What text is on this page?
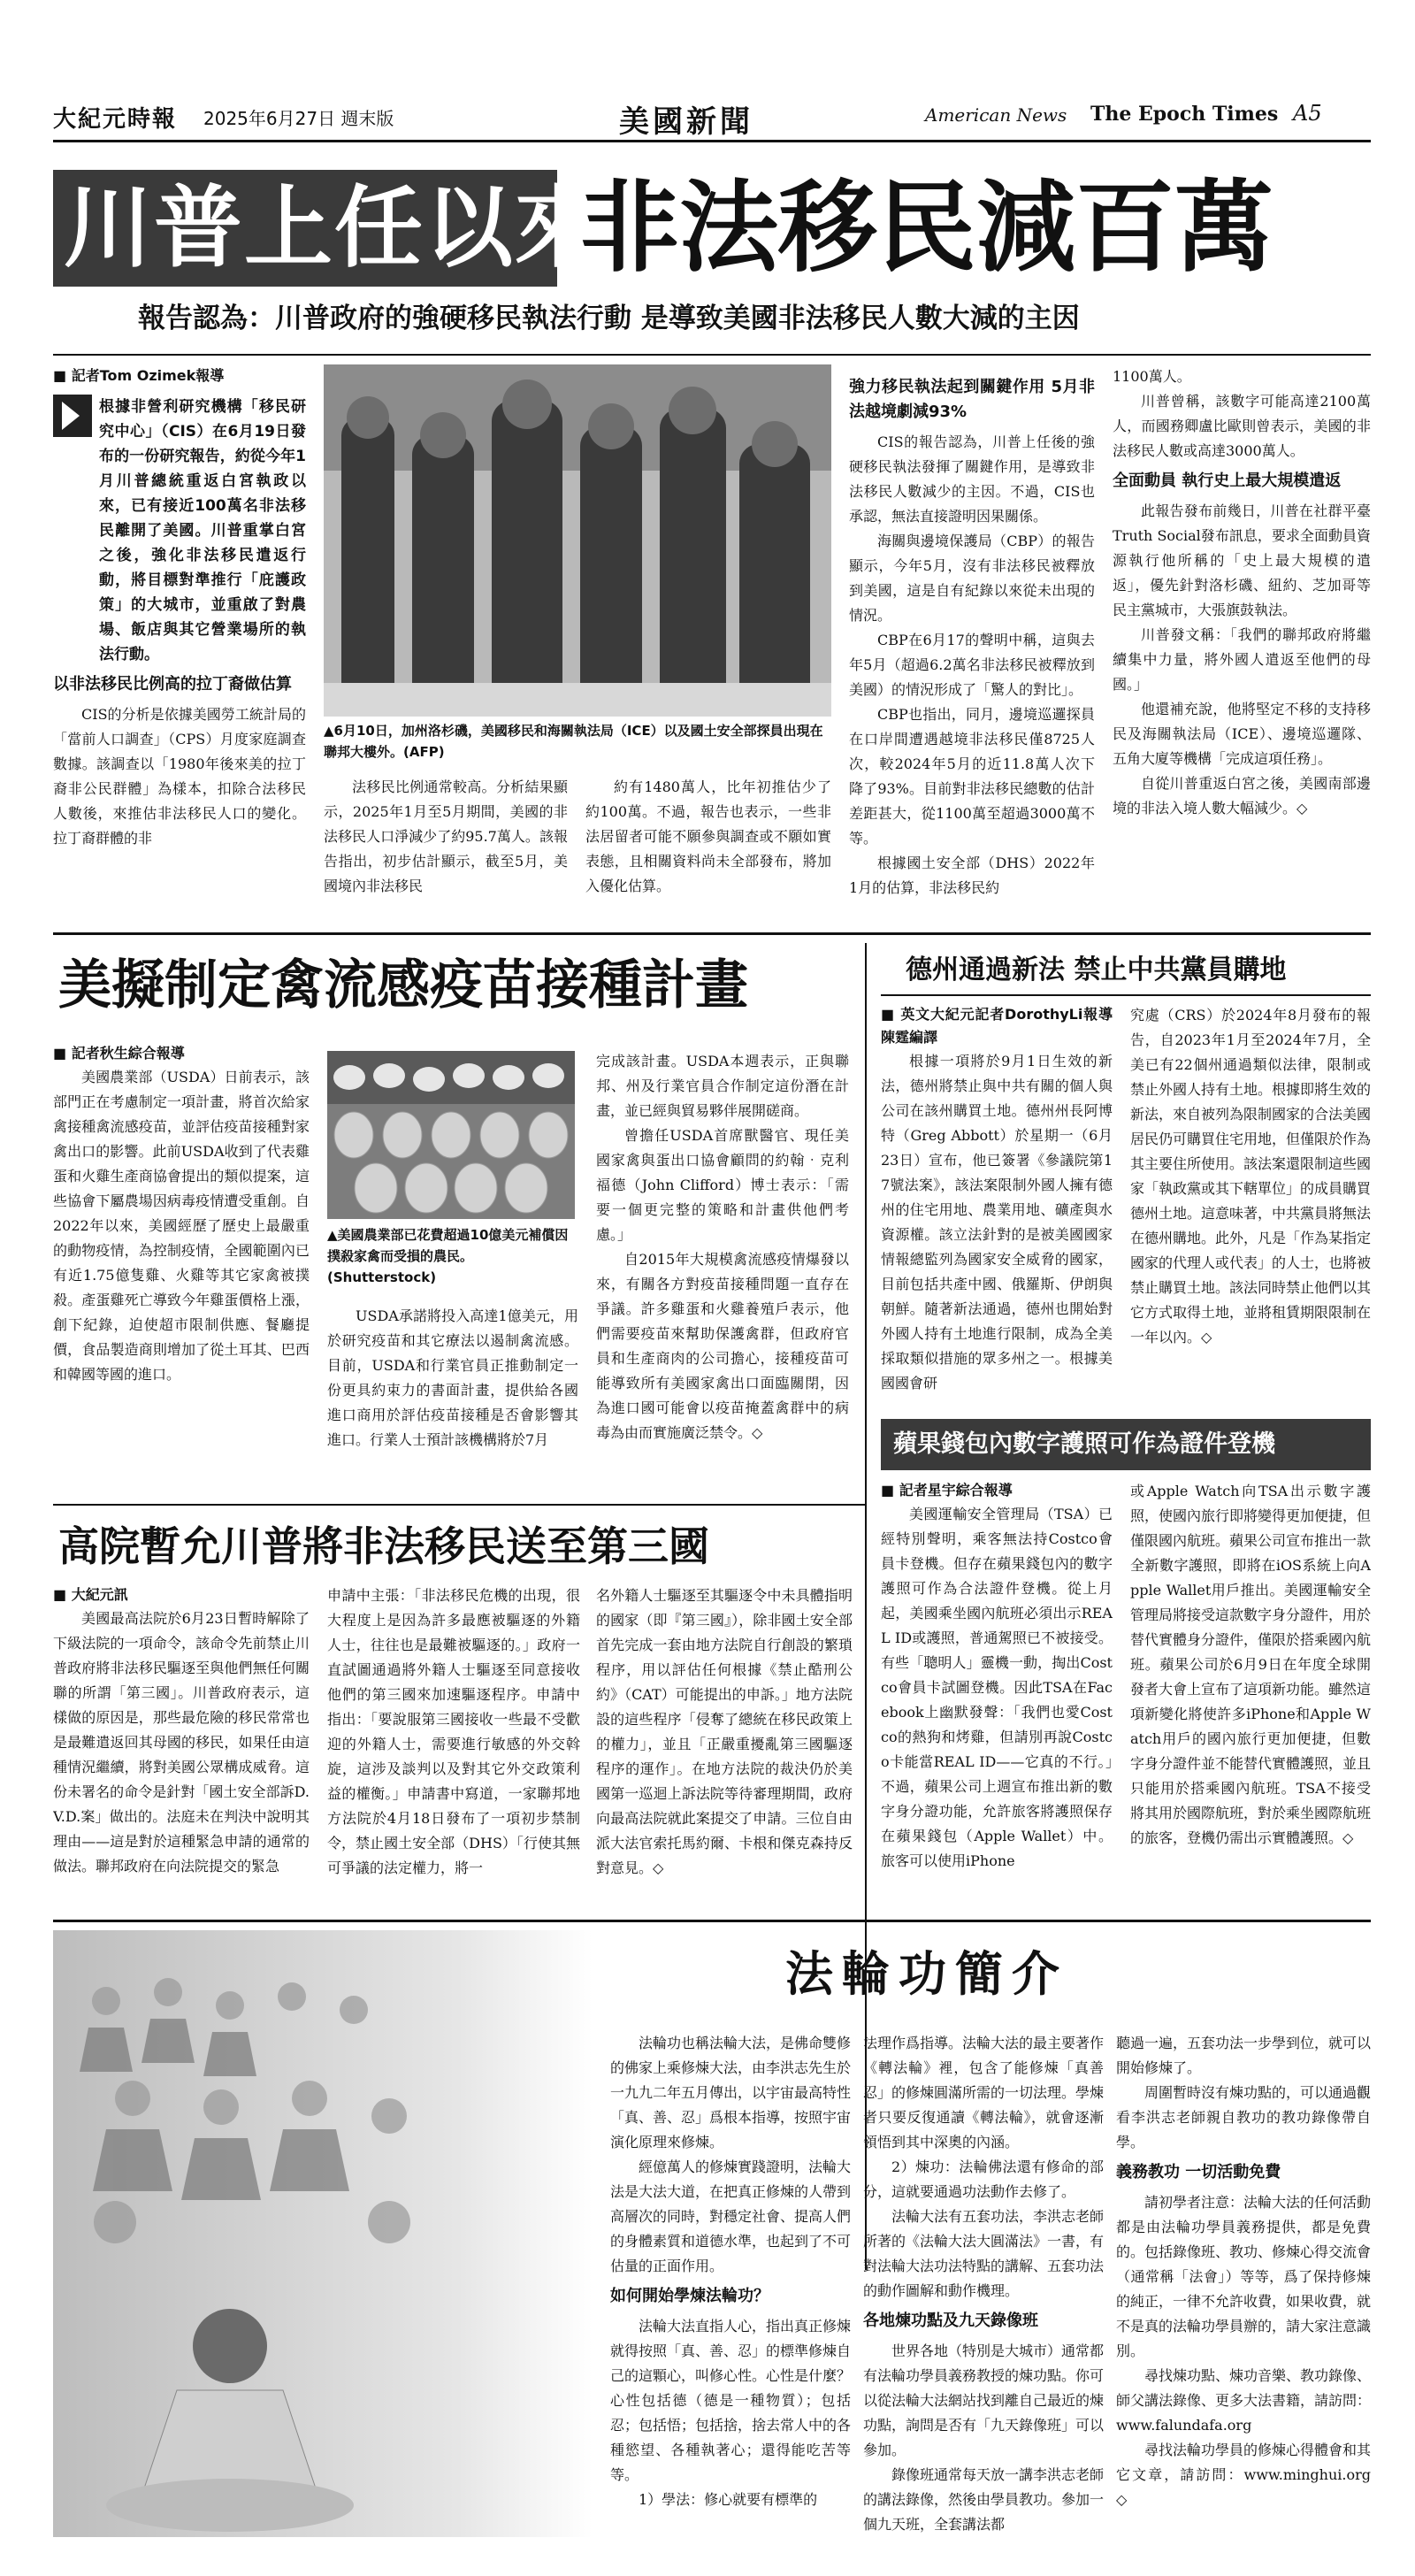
大紀元時報 2025年6月27日 週末版	美國新聞	American News The Epoch Times A5
川普上任以來
非法移民減百萬
報告認為：川普政府的強硬移民執法行動 是導致美國非法移民人數大減的主因
■ 記者Tom Ozimek報導
根據非營利研究機構「移民研究中心」（CIS）在6月19日發布的一份研究報告，約從今年1月川普總統重返白宮執政以來，已有接近100萬名非法移民離開了美國。川普重掌白宮之後，強化非法移民遣返行動，將目標對準推行「庇護政策」的大城市，並重啟了對農場、飯店與其它營業場所的執法行動。
以非法移民比例高的拉丁裔做估算

CIS的分析是依據美國勞工統計局的「當前人口調查」（CPS）月度家庭調查數據。該調查以「1980年後來美的拉丁裔非公民群體」為樣本，扣除合法移民人數後，來推估非法移民人口的變化。拉丁裔群體的非

▲6月10日，加州洛杉磯，美國移民和海關執法局（ICE）以及國土安全部探員出現在聯邦大樓外。(AFP)

法移民比例通常較高。分析結果顯示，2025年1月至5月期間，美國的非法移民人口淨減少了約95.7萬人。該報告指出，初步估計顯示，截至5月，美國境內非法移民

約有1480萬人，比年初推估少了約100萬。不過，報告也表示，一些非法居留者可能不願參與調查或不願如實表態，且相關資料尚未全部發布，將加入優化估算。

強力移民執法起到關鍵作用 5月非法越境劇減93%

CIS的報告認為，川普上任後的強硬移民執法發揮了關鍵作用，是導致非法移民人數減少的主因。不過，CIS也承認，無法直接證明因果關係。

海關與邊境保護局（CBP）的報告顯示，今年5月，沒有非法移民被釋放到美國，這是自有紀錄以來從未出現的情況。

CBP在6月17的聲明中稱，這與去年5月（超過6.2萬名非法移民被釋放到美國）的情況形成了「驚人的對比」。

CBP也指出，同月，邊境巡邏探員在口岸間遭遇越境非法移民僅8725人次，較2024年5月的近11.8萬人次下降了93%。目前對非法移民總數的估計差距甚大，從1100萬至超過3000萬不等。

根據國土安全部（DHS）2022年1月的估算，非法移民約

1100萬人。

川普曾稱，該數字可能高達2100萬人，而國務卿盧比歐則曾表示，美國的非法移民人數或高達3000萬人。

全面動員 執行史上最大規模遣返

此報告發布前幾日，川普在社群平臺Truth Social發布訊息，要求全面動員資源執行他所稱的「史上最大規模的遣返」，優先針對洛杉磯、紐約、芝加哥等民主黨城市，大張旗鼓執法。

川普發文稱：「我們的聯邦政府將繼續集中力量，將外國人遣返至他們的母國。」

他還補充說，他將堅定不移的支持移民及海關執法局（ICE）、邊境巡邏隊、五角大廈等機構「完成這項任務」。

自從川普重返白宮之後，美國南部邊境的非法入境人數大幅減少。◇

美擬制定禽流感疫苗接種計畫
■ 記者秋生綜合報導

美國農業部（USDA）日前表示，該部門正在考慮制定一項計畫，將首次給家禽接種禽流感疫苗，並評估疫苗接種對家禽出口的影響。此前USDA收到了代表雞蛋和火雞生產商協會提出的類似提案，這些協會下屬農場因病毒疫情遭受重創。自2022年以來，美國經歷了歷史上最嚴重的動物疫情，為控制疫情，全國範圍內已有近1.75億隻雞、火雞等其它家禽被撲殺。產蛋雞死亡導致今年雞蛋價格上漲，創下紀錄，迫使超市限制供應、餐廳提價，食品製造商則增加了從土耳其、巴西和韓國等國的進口。

▲美國農業部已花費超過10億美元補償因撲殺家禽而受損的農民。(Shutterstock)

USDA承諾將投入高達1億美元，用於研究疫苗和其它療法以遏制禽流感。目前，USDA和行業官員正推動制定一份更具約束力的書面計畫，提供給各國進口商用於評估疫苗接種是否會影響其進口。行業人士預計該機構將於7月

完成該計畫。USDA本週表示，正與聯邦、州及行業官員合作制定這份潛在計畫，並已經與貿易夥伴展開磋商。

曾擔任USDA首席獸醫官、現任美國家禽與蛋出口協會顧問的約翰‧克利福德（John Clifford）博士表示：「需要一個更完整的策略和計畫供他們考慮。」

自2015年大規模禽流感疫情爆發以來，有關各方對疫苗接種問題一直存在爭議。許多雞蛋和火雞養殖戶表示，他們需要疫苗來幫助保護禽群，但政府官員和生產商肉的公司擔心，接種疫苗可能導致所有美國家禽出口面臨關閉，因為進口國可能會以疫苗掩蓋禽群中的病毒為由而實施廣泛禁令。◇

德州通過新法 禁止中共黨員購地
■ 英文大紀元記者DorothyLi報導 陳霆編譯

根據一項將於9月1日生效的新法，德州將禁止與中共有關的個人與公司在該州購買土地。德州州長阿博特（Greg Abbott）於星期一（6月23日）宣布，他已簽署《參議院第17號法案》，該法案限制外國人擁有德州的住宅用地、農業用地、礦產與水資源權。該立法針對的是被美國國家情報總監列為國家安全威脅的國家，目前包括共產中國、俄羅斯、伊朗與朝鮮。隨著新法通過，德州也開始對外國人持有土地進行限制，成為全美採取類似措施的眾多州之一。根據美國國會研

究處（CRS）於2024年8月發布的報告，自2023年1月至2024年7月，全美已有22個州通過類似法律，限制或禁止外國人持有土地。根據即將生效的新法，來自被列為限制國家的合法美國居民仍可購買住宅用地，但僅限於作為其主要住所使用。該法案還限制這些國家「執政黨或其下轄單位」的成員購買德州土地。這意味著，中共黨員將無法在德州購地。此外，凡是「作為某指定國家的代理人或代表」的人士，也將被禁止購買土地。該法同時禁止他們以其它方式取得土地，並將租賃期限限制在一年以內。◇

蘋果錢包內數字護照可作為證件登機
■ 記者星宇綜合報導

美國運輸安全管理局（TSA）已經特別聲明，乘客無法持Costco會員卡登機。但存在蘋果錢包內的數字護照可作為合法證件登機。從上月起，美國乘坐國內航班必須出示REAL ID或護照，普通駕照已不被接受。有些「聰明人」靈機一動，掏出Costco會員卡試圖登機。因此TSA在Facebook上幽默發聲：「我們也愛Costco的熱狗和烤雞，但請別再說Costco卡能當REAL ID——它真的不行。」不過，蘋果公司上週宣布推出新的數字身分證功能，允許旅客將護照保存在蘋果錢包（Apple Wallet）中。旅客可以使用iPhone

或Apple Watch向TSA出示數字護照，使國內旅行即將變得更加便捷，但僅限國內航班。蘋果公司宣布推出一款全新數字護照，即將在iOS系統上向Apple Wallet用戶推出。美國運輸安全管理局將接受這款數字身分證件，用於替代實體身分證件，僅限於搭乘國內航班。蘋果公司於6月9日在年度全球開發者大會上宣布了這項新功能。雖然這項新變化將使許多iPhone和Apple Watch用戶的國內旅行更加便捷，但數字身分證件並不能替代實體護照，並且只能用於搭乘國內航班。TSA不接受將其用於國際航班，對於乘坐國際航班的旅客，登機仍需出示實體護照。◇

高院暫允川普將非法移民送至第三國
■ 大紀元訊

美國最高法院於6月23日暫時解除了下級法院的一項命令，該命令先前禁止川普政府將非法移民驅逐至與他們無任何關聯的所謂「第三國」。川普政府表示，這樣做的原因是，那些最危險的移民常常也是最難遣返回其母國的移民，如果任由這種情況繼續，將對美國公眾構成威脅。這份未署名的命令是針對「國土安全部訴D.V.D.案」做出的。法庭未在判決中說明其理由——這是對於這種緊急申請的通常的做法。聯邦政府在向法院提交的緊急

申請中主張：「非法移民危機的出現，很大程度上是因為許多最應被驅逐的外籍人士，往往也是最難被驅逐的。」政府一直試圖通過將外籍人士驅逐至同意接收他們的第三國來加速驅逐程序。申請中指出：「要說服第三國接收一些最不受歡迎的外籍人士，需要進行敏感的外交斡旋，這涉及談判以及對其它外交政策利益的權衡。」申請書中寫道，一家聯邦地方法院於4月18日發布了一項初步禁制令，禁止國土安全部（DHS）「行使其無可爭議的法定權力，將一

名外籍人士驅逐至其驅逐令中未具體指明的國家（即『第三國』），除非國土安全部首先完成一套由地方法院自行創設的繁瑣程序，用以評估任何根據《禁止酷刑公約》（CAT）可能提出的申訴。」地方法院設的這些程序「侵奪了總統在移民政策上的權力」，並且「正嚴重擾亂第三國驅逐程序的運作」。在地方法院的裁決仍於美國第一巡迴上訴法院等待審理期間，政府向最高法院就此案提交了申請。三位自由派大法官索托馬約爾、卡根和傑克森持反對意見。◇

法輪功簡介

法輪功也稱法輪大法，是佛命雙修的佛家上乘修煉大法，由李洪志先生於一九九二年五月傳出，以宇宙最高特性「真、善、忍」爲根本指導，按照宇宙演化原理來修煉。

經億萬人的修煉實踐證明，法輪大法是大法大道，在把真正修煉的人帶到高層次的同時，對穩定社會、提高人們的身體素質和道德水準，也起到了不可估量的正面作用。

如何開始學煉法輪功？

法輪大法直指人心，指出真正修煉就得按照「真、善、忍」的標準修煉自己的這顆心，叫修心性。心性是什麼？心性包括德（德是一種物質）；包括忍；包括悟；包括捨，捨去常人中的各種慾望、各種執著心；還得能吃苦等等。

1）學法：修心就要有標準的

法理作爲指導。法輪大法的最主要著作《轉法輪》裡，包含了能修煉「真善忍」的修煉圓滿所需的一切法理。學煉者只要反復通讀《轉法輪》，就會逐漸領悟到其中深奧的內涵。

2）煉功：法輪佛法還有修命的部分，這就要通過功法動作去修了。

法輪大法有五套功法，李洪志老師所著的《法輪大法大圓滿法》一書，有對法輪大法功法特點的講解、五套功法的動作圖解和動作機理。

各地煉功點及九天錄像班

世界各地（特別是大城市）通常都有法輪功學員義務教授的煉功點。你可以從法輪大法網站找到離自己最近的煉功點，詢問是否有「九天錄像班」可以參加。

錄像班通常每天放一講李洪志老師的講法錄像，然後由學員教功。參加一個九天班，全套講法都

聽過一遍，五套功法一步學到位，就可以開始修煉了。

周圍暫時沒有煉功點的，可以通過觀看李洪志老師親自教功的教功錄像帶自學。

義務教功 一切活動免費

請初學者注意：法輪大法的任何活動都是由法輪功學員義務提供，都是免費的。包括錄像班、教功、修煉心得交流會（通常稱「法會」）等等，爲了保持修煉的純正，一律不允許收費，如果收費，就不是真的法輪功學員辦的，請大家注意識別。

尋找煉功點、煉功音樂、教功錄像、師父講法錄像、更多大法書籍，請訪問：www.falundafa.org

尋找法輪功學員的修煉心得體會和其它文章，請訪問：www.minghui.org ◇
